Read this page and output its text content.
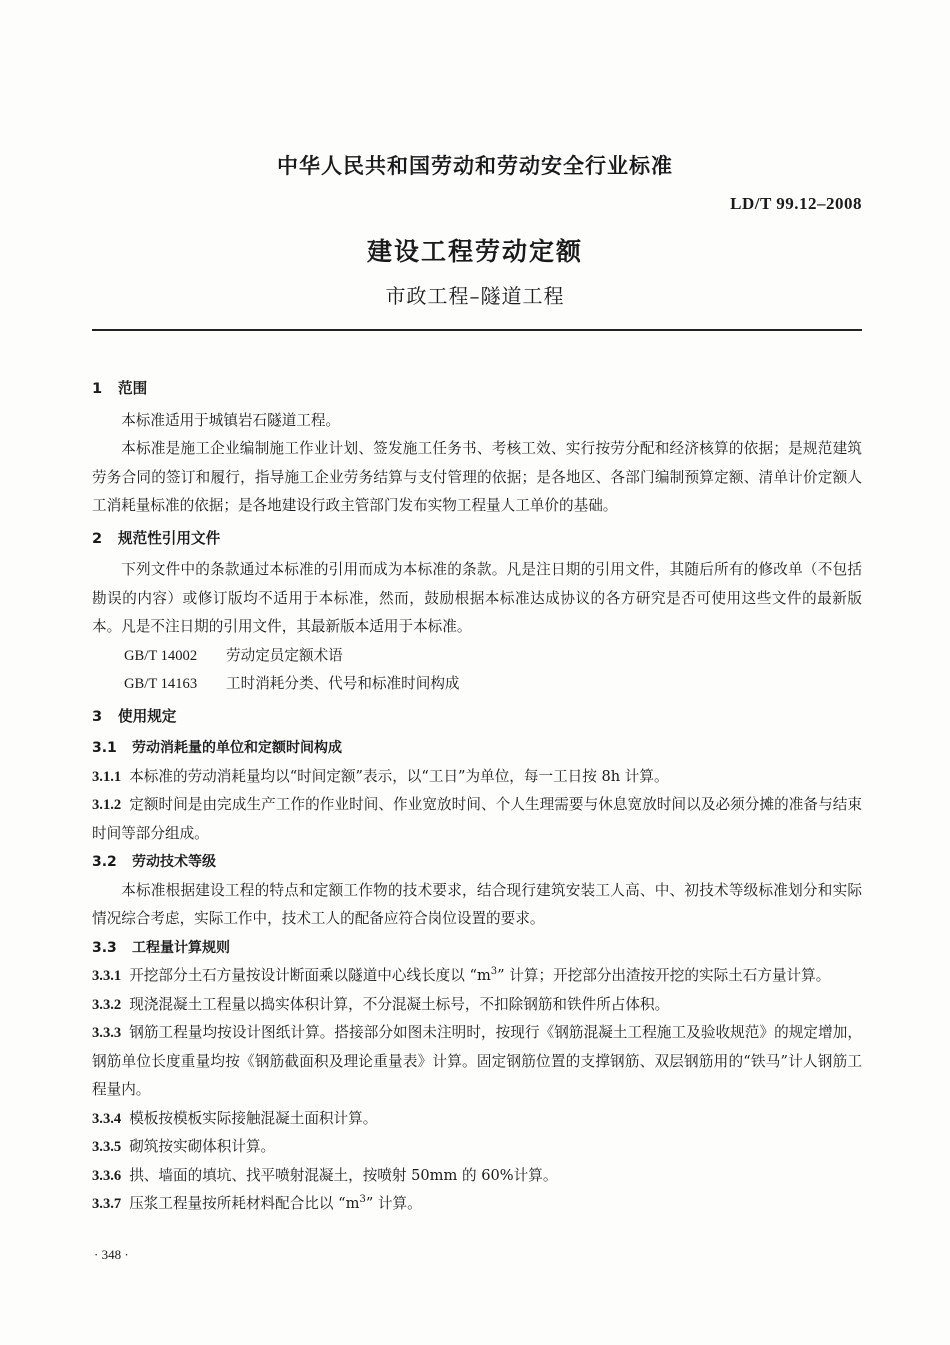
中华人民共和国劳动和劳动安全行业标准
LD/T 99.12–2008
建设工程劳动定额
市政工程–隧道工程
1 范围

本标准适用于城镇岩石隧道工程。

本标准是施工企业编制施工作业计划、签发施工任务书、考核工效、实行按劳分配和经济核算的依据；是规范建筑劳务合同的签订和履行，指导施工企业劳务结算与支付管理的依据；是各地区、各部门编制预算定额、清单计价定额人工消耗量标准的依据；是各地建设行政主管部门发布实物工程量人工单价的基础。

2 规范性引用文件

下列文件中的条款通过本标准的引用而成为本标准的条款。凡是注日期的引用文件，其随后所有的修改单（不包括勘误的内容）或修订版均不适用于本标准，然而，鼓励根据本标准达成协议的各方研究是否可使用这些文件的最新版本。凡是不注日期的引用文件，其最新版本适用于本标准。

GB/T 14002 劳动定员定额术语

GB/T 14163 工时消耗分类、代号和标准时间构成

3 使用规定

3.1 劳动消耗量的单位和定额时间构成

3.1.1 本标准的劳动消耗量均以“时间定额”表示，以“工日”为单位，每一工日按 8h 计算。

3.1.2 定额时间是由完成生产工作的作业时间、作业宽放时间、个人生理需要与休息宽放时间以及必须分摊的准备与结束时间等部分组成。

3.2 劳动技术等级

本标准根据建设工程的特点和定额工作物的技术要求，结合现行建筑安装工人高、中、初技术等级标准划分和实际情况综合考虑，实际工作中，技术工人的配备应符合岗位设置的要求。

3.3 工程量计算规则

3.3.1 开挖部分土石方量按设计断面乘以隧道中心线长度以 “$m^3$” 计算；开挖部分出渣按开挖的实际土石方量计算。

3.3.2 现浇混凝土工程量以捣实体积计算，不分混凝土标号，不扣除钢筋和铁件所占体积。

3.3.3 钢筋工程量均按设计图纸计算。搭接部分如图未注明时，按现行《钢筋混凝土工程施工及验收规范》的规定增加，钢筋单位长度重量均按《钢筋截面积及理论重量表》计算。固定钢筋位置的支撑钢筋、双层钢筋用的“铁马”计人钢筋工程量内。

3.3.4 模板按模板实际接触混凝土面积计算。

3.3.5 砌筑按实砌体积计算。

3.3.6 拱、墙面的填坑、找平喷射混凝土，按喷射 50mm 的 60%计算。

3.3.7 压浆工程量按所耗材料配合比以 “$m^3$” 计算。

· 348 ·
